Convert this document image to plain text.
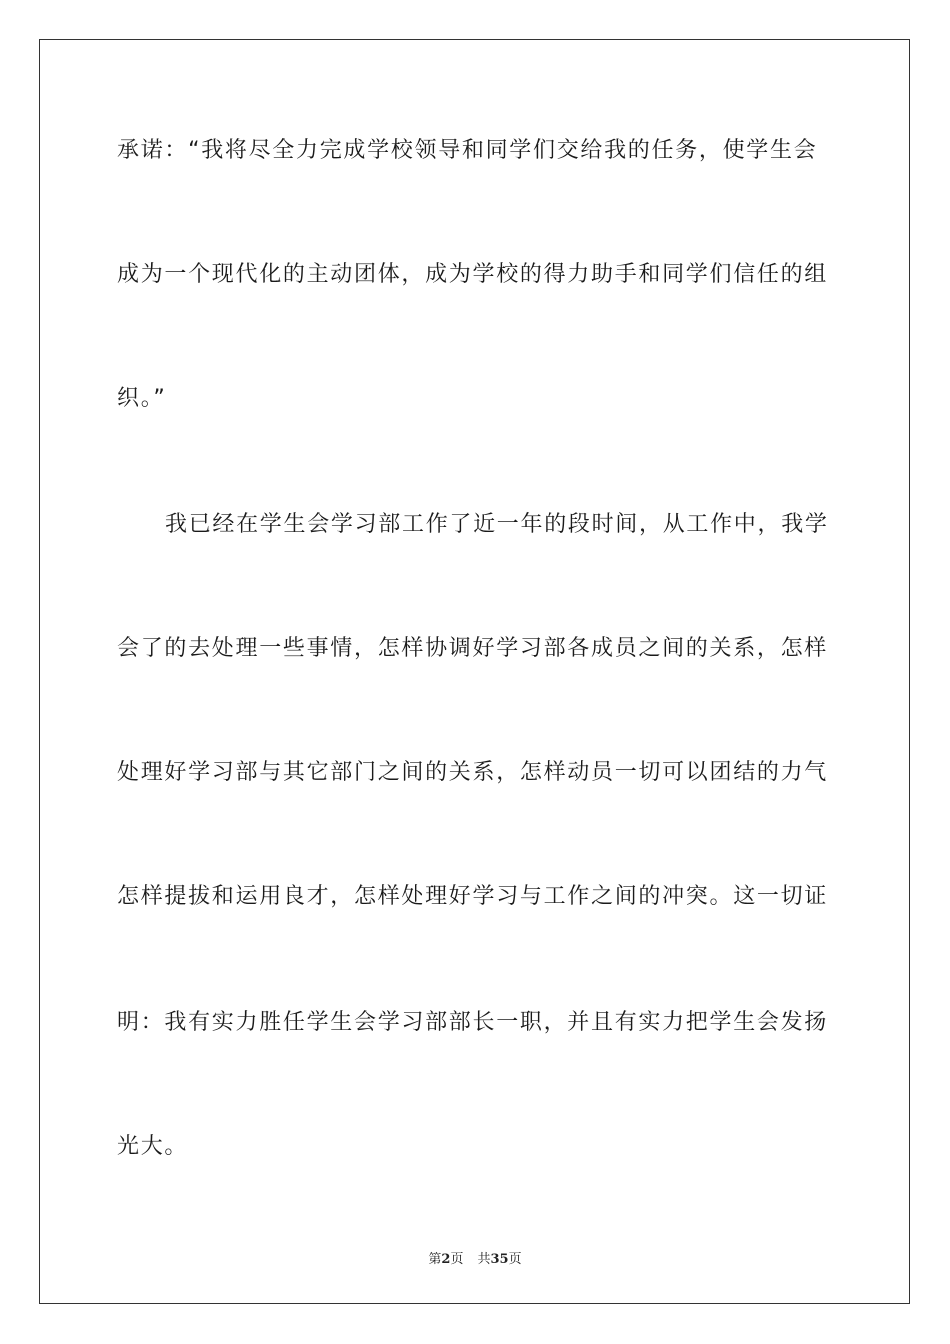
承诺：“我将尽全力完成学校领导和同学们交给我的任务，使学生会
成为一个现代化的主动团体，成为学校的得力助手和同学们信任的组
织。”
我已经在学生会学习部工作了近一年的段时间，从工作中，我学
会了的去处理一些事情，怎样协调好学习部各成员之间的关系，怎样
处理好学习部与其它部门之间的关系，怎样动员一切可以团结的力气
怎样提拔和运用良才，怎样处理好学习与工作之间的冲突。这一切证
明：我有实力胜任学生会学习部部长一职，并且有实力把学生会发扬
光大。
第2页 共35页
